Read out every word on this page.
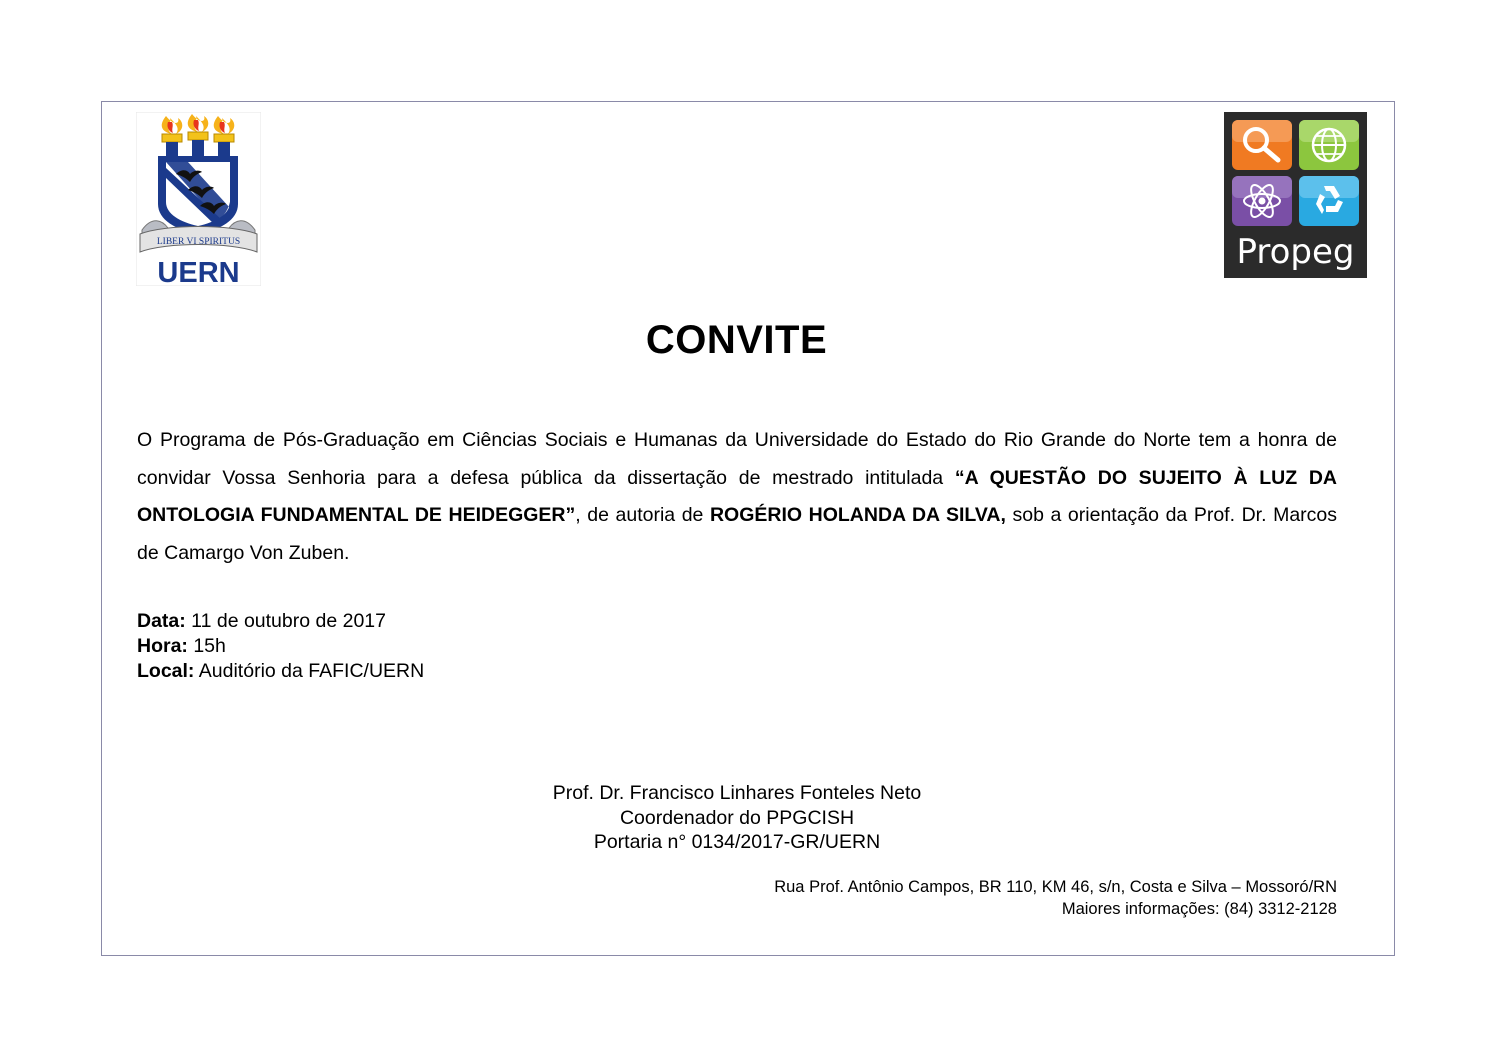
LIBER VI SPIRITUS
UERN
Propeg
CONVITE
O Programa de Pós-Graduação em Ciências Sociais e Humanas da Universidade do Estado do Rio Grande do Norte tem a honra de convidar Vossa Senhoria para a defesa pública da dissertação de mestrado intitulada “A QUESTÃO DO SUJEITO À LUZ DA ONTOLOGIA FUNDAMENTAL DE HEIDEGGER”, de autoria de ROGÉRIO HOLANDA DA SILVA, sob a orientação da Prof. Dr. Marcos de Camargo Von Zuben.
Data: 11 de outubro de 2017
Hora: 15h
Local: Auditório da FAFIC/UERN
Prof. Dr. Francisco Linhares Fonteles Neto
Coordenador do PPGCISH
Portaria n° 0134/2017-GR/UERN
Rua Prof. Antônio Campos, BR 110, KM 46, s/n, Costa e Silva – Mossoró/RN
Maiores informações: (84) 3312-2128
